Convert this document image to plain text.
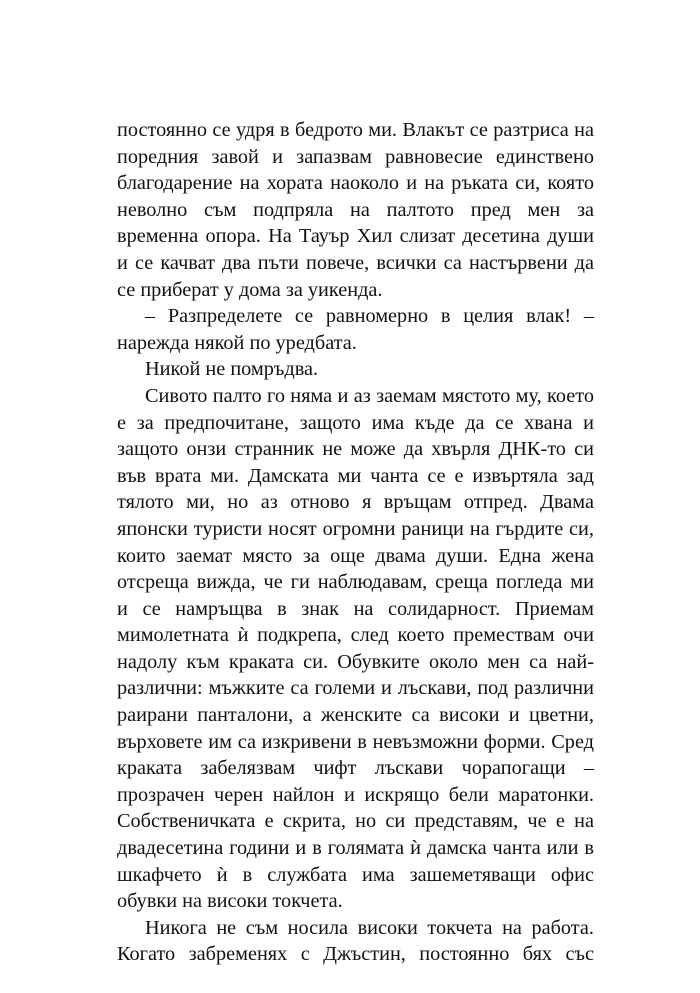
постоянно се удря в бедрото ми. Влакът се разтриса на
поредния завой и запазвам равновесие единствено
благодарение на хората наоколо и на ръката си, която
неволно съм подпряла на палтото пред мен за
временна опора. На Тауър Хил слизат десетина души
и се качват два пъти повече, всички са настървени да
се приберат у дома за уикенда.
– Разпределете се равномерно в целия влак! –
нарежда някой по уредбата.
Никой не помръдва.
Сивото палто го няма и аз заемам мястото му, което
е за предпочитане, защото има къде да се хвана и
защото онзи странник не може да хвърля ДНК-то си
във врата ми. Дамската ми чанта се е извъртяла зад
тялото ми, но аз отново я връщам отпред. Двама
японски туристи носят огромни раници на гърдите си,
които заемат място за още двама души. Една жена
отсреща вижда, че ги наблюдавам, среща погледа ми
и се намръщва в знак на солидарност. Приемам
мимолетната ѝ подкрепа, след което премествам очи
надолу към краката си. Обувките около мен са най-
различни: мъжките са големи и лъскави, под различни
раирани панталони, а женските са високи и цветни,
върховете им са изкривени в невъзможни форми. Сред
краката забелязвам чифт лъскави чорапогащи –
прозрачен черен найлон и искрящо бели маратонки.
Собственичката е скрита, но си представям, че е на
двадесетина години и в голямата ѝ дамска чанта или в
шкафчето ѝ в службата има зашеметяващи офис
обувки на високи токчета.
Никога не съм носила високи токчета на работа.
Когато забременях с Джъстин, постоянно бях със
